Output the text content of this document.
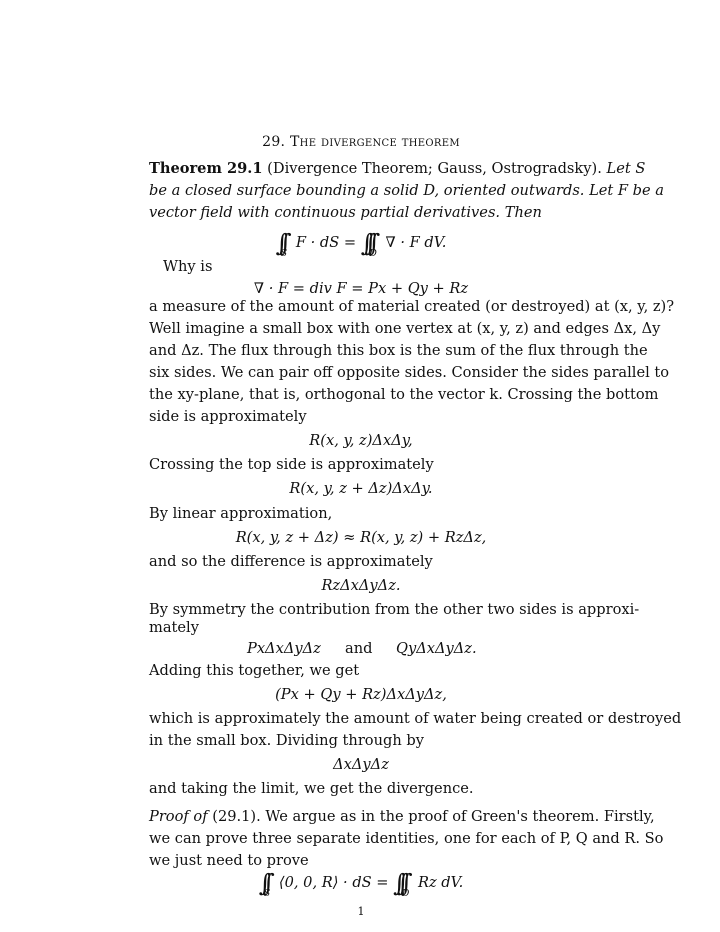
29. The divergence theorem
Theorem 29.1 (Divergence Theorem; Gauss, Ostrogradsky). Let S
be a closed surface bounding a solid D, oriented outwards. Let F be a
vector field with continuous partial derivatives. Then
$\int\int_S$ F · dS = $\int\int\int_D$ ∇ · F dV.
Why is
∇ · F = div F = Px + Qy + Rz
a measure of the amount of material created (or destroyed) at (x, y, z)?
Well imagine a small box with one vertex at (x, y, z) and edges Δx, Δy
and Δz. The flux through this box is the sum of the flux through the
six sides. We can pair off opposite sides. Consider the sides parallel to
the xy-plane, that is, orthogonal to the vector k. Crossing the bottom
side is approximately
R(x, y, z)ΔxΔy,
Crossing the top side is approximately
R(x, y, z + Δz)ΔxΔy.
By linear approximation,
R(x, y, z + Δz) ≈ R(x, y, z) + RzΔz,
and so the difference is approximately
RzΔxΔyΔz.
By symmetry the contribution from the other two sides is approxi-
mately
PxΔxΔyΔz and QyΔxΔyΔz.
Adding this together, we get
(Px + Qy + Rz)ΔxΔyΔz,
which is approximately the amount of water being created or destroyed
in the small box. Dividing through by
ΔxΔyΔz
and taking the limit, we get the divergence.
Proof of (29.1). We argue as in the proof of Green's theorem. Firstly,
we can prove three separate identities, one for each of P, Q and R. So
we just need to prove
$\int\int_S$ ⟨0, 0, R⟩ · dS = $\int\int\int_D$ Rz dV.
1
